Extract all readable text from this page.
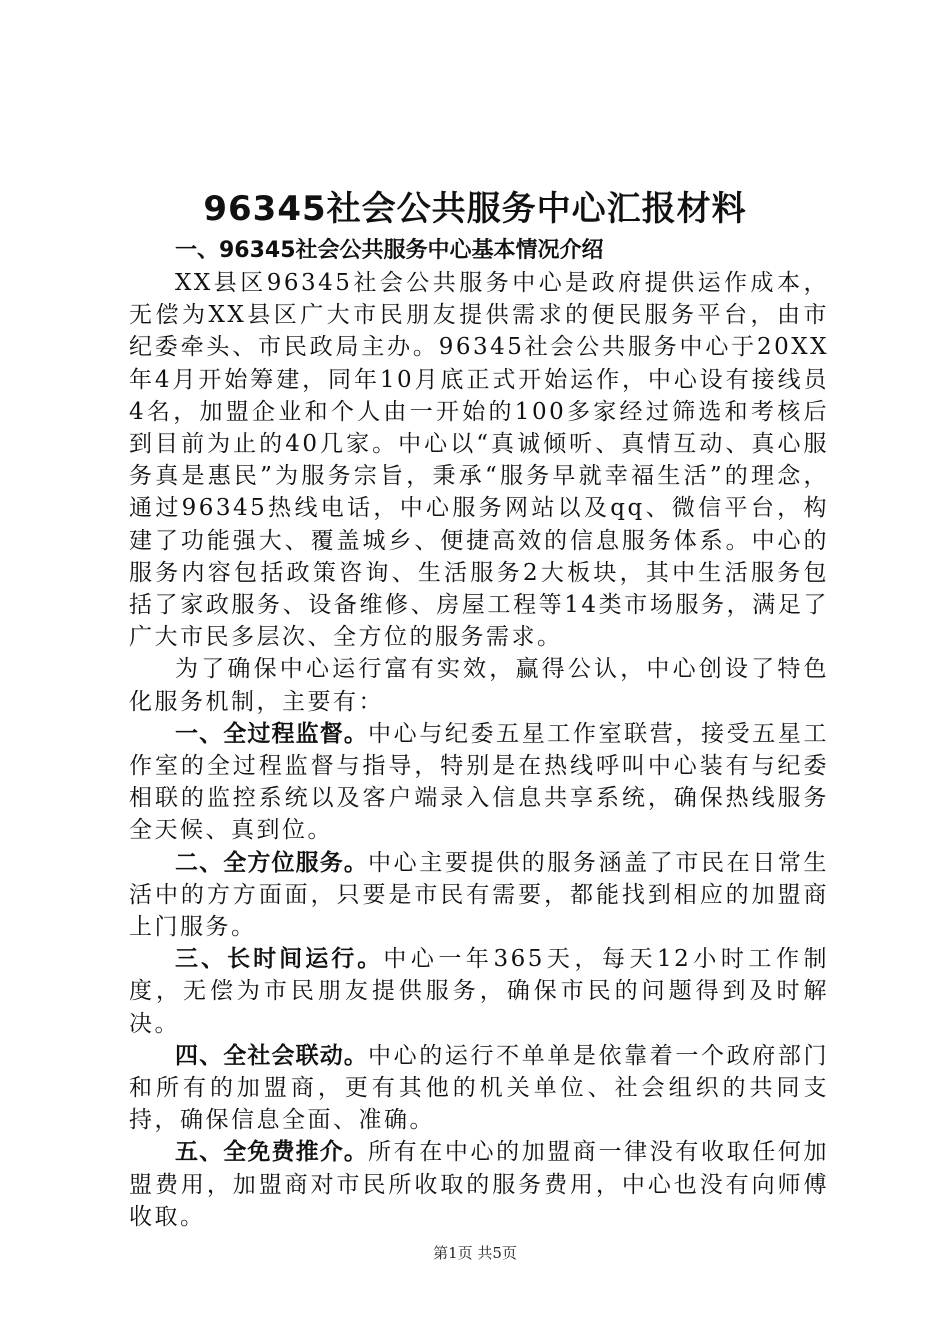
96345社会公共服务中心汇报材料
一、96345社会公共服务中心基本情况介绍

XX县区96345社会公共服务中心是政府提供运作成本，无偿为XX县区广大市民朋友提供需求的便民服务平台，由市纪委牵头、市民政局主办。96345社会公共服务中心于20XX年4月开始筹建，同年10月底正式开始运作，中心设有接线员4名，加盟企业和个人由一开始的100多家经过筛选和考核后到目前为止的40几家。中心以“真诚倾听、真情互动、真心服务真是惠民”为服务宗旨，秉承“服务早就幸福生活”的理念，通过96345热线电话，中心服务网站以及qq、微信平台，构建了功能强大、覆盖城乡、便捷高效的信息服务体系。中心的服务内容包括政策咨询、生活服务2大板块，其中生活服务包括了家政服务、设备维修、房屋工程等14类市场服务，满足了广大市民多层次、全方位的服务需求。

为了确保中心运行富有实效，赢得公认，中心创设了特色化服务机制，主要有：

一、全过程监督。中心与纪委五星工作室联营，接受五星工作室的全过程监督与指导，特别是在热线呼叫中心装有与纪委相联的监控系统以及客户端录入信息共享系统，确保热线服务全天候、真到位。

二、全方位服务。中心主要提供的服务涵盖了市民在日常生活中的方方面面，只要是市民有需要，都能找到相应的加盟商上门服务。

三、长时间运行。中心一年365天，每天12小时工作制度，无偿为市民朋友提供服务，确保市民的问题得到及时解决。

四、全社会联动。中心的运行不单单是依靠着一个政府部门和所有的加盟商，更有其他的机关单位、社会组织的共同支持，确保信息全面、准确。

五、全免费推介。所有在中心的加盟商一律没有收取任何加盟费用，加盟商对市民所收取的服务费用，中心也没有向师傅收取。

第1页 共5页
